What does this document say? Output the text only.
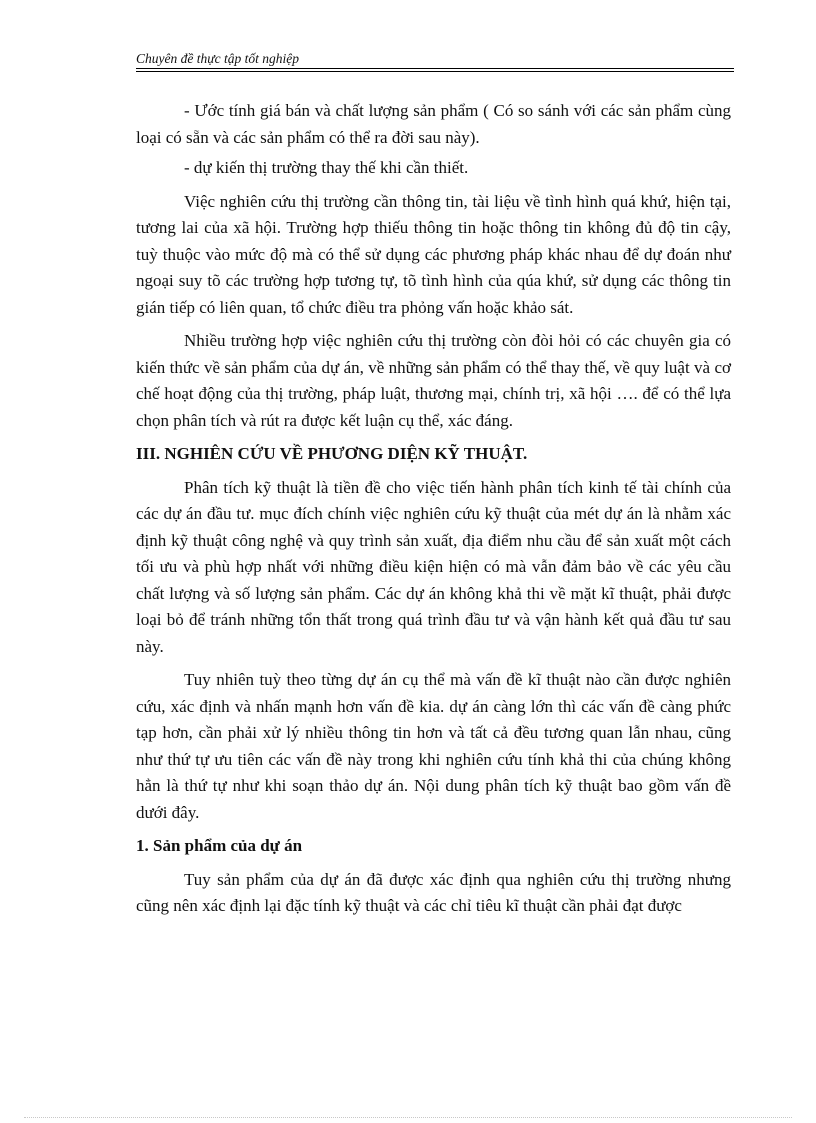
Chuyên đề thực tập tốt nghiệp

- Ước tính giá bán và chất lượng sản phẩm ( Có so sánh với các sản phẩm cùng loại có sẵn và các sản phẩm có thể ra đời sau này).

- dự kiến thị trường thay thế khi cần thiết.

Việc nghiên cứu thị trường cần thông tin, tài liệu về tình hình quá khứ, hiện tại, tương lai của xã hội. Trường hợp thiếu thông tin hoặc thông tin không đủ độ tin cậy, tuỳ thuộc vào mức độ mà có thể sử dụng các phương pháp khác nhau để dự đoán như ngoại suy tõ các trường hợp tương tự, tõ tình hình của qúa khứ, sử dụng các thông tin gián tiếp có liên quan, tổ chức điều tra phỏng vấn hoặc khảo sát.

Nhiều trường hợp việc nghiên cứu thị trường còn đòi hỏi có các chuyên gia có kiến thức về sản phẩm của dự án, về những sản phẩm có thể thay thế, về quy luật và cơ chế hoạt động của thị trường, pháp luật, thương mại, chính trị, xã hội …. để có thể lựa chọn phân tích và rút ra được kết luận cụ thể, xác đáng.

III. NGHIÊN CỨU VỀ PHƯƠNG DIỆN KỸ THUẬT.

Phân tích kỹ thuật là tiền đề cho việc tiến hành phân tích kinh tế tài chính của các dự án đầu tư. mục đích chính việc nghiên cứu kỹ thuật của mét dự án là nhằm xác định kỹ thuật công nghệ và quy trình sản xuất, địa điểm nhu cầu để sản xuất một cách tối ưu và phù hợp nhất với những điều kiện hiện có mà vẫn đảm bảo về các yêu cầu chất lượng và số lượng sản phẩm. Các dự án không khả thi về mặt kĩ thuật, phải được loại bỏ để tránh những tổn thất trong quá trình đầu tư và vận hành kết quả đầu tư sau này.

Tuy nhiên tuỳ theo từng dự án cụ thể mà vấn đề kĩ thuật nào cần được nghiên cứu, xác định và nhấn mạnh hơn vấn đề kia. dự án càng lớn thì các vấn đề càng phức tạp hơn, cần phải xử lý nhiều thông tin hơn và tất cả đều tương quan lẫn nhau, cũng như thứ tự ưu tiên các vấn đề này trong khi nghiên cứu tính khả thi của chúng không hẳn là thứ tự như khi soạn thảo dự án. Nội dung phân tích kỹ thuật bao gồm vấn đề dưới đây.

1. Sản phẩm của dự án

Tuy sản phẩm của dự án đã được xác định qua nghiên cứu thị trường nhưng cũng nên xác định lại đặc tính kỹ thuật và các chỉ tiêu kĩ thuật cần phải đạt được
